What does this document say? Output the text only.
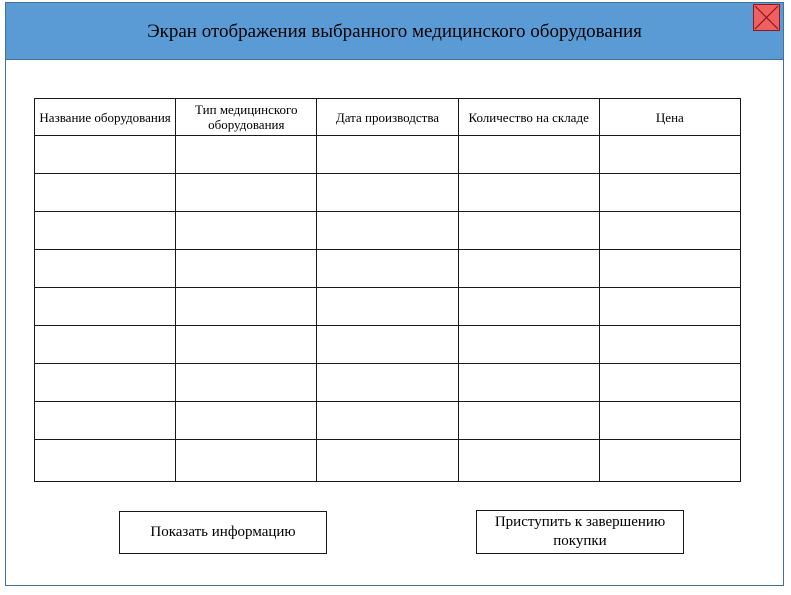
Экран отображения выбранного медицинского оборудования
Название оборудования	Тип медицинского оборудования	Дата производства	Количество на складе	Цена

Показать информацию
Приступить к завершению покупки
